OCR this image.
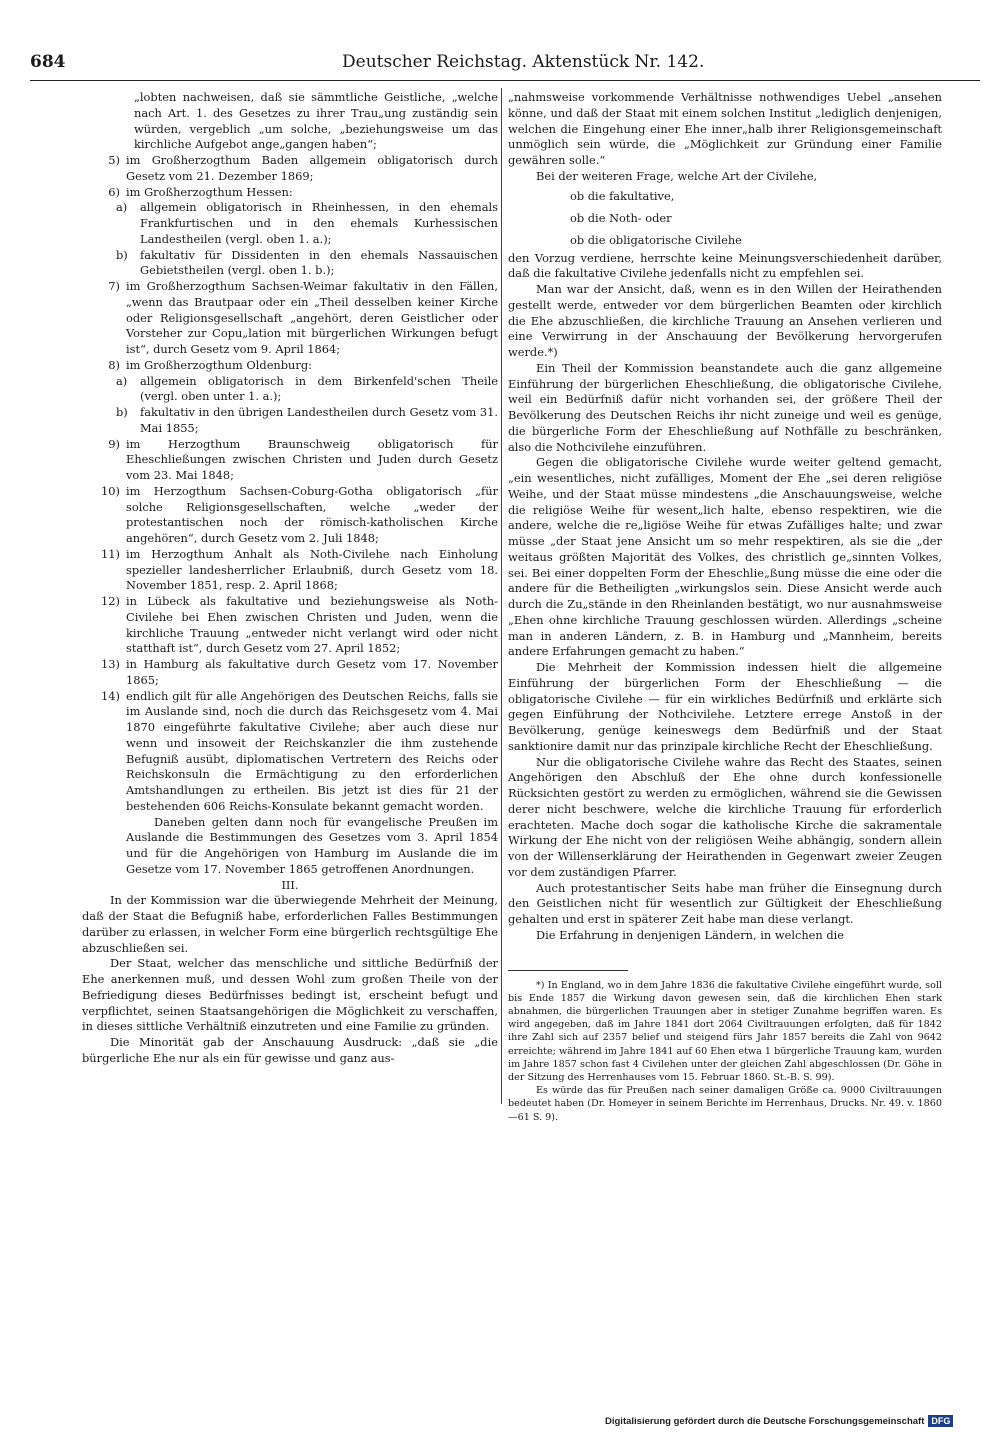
684	Deutscher Reichstag. Aktenstück Nr. 142.

„lobten nachweisen, daß sie sämmtliche Geistliche, „welche nach Art. 1. des Gesetzes zu ihrer Trau„ung zuständig sein würden, vergeblich „um solche, „beziehungsweise um das kirchliche Aufgebot ange„gangen haben“;

5) im Großherzogthum Baden allgemein obligatorisch durch Gesetz vom 21. Dezember 1869;
6) im Großherzogthum Hessen:
a) allgemein obligatorisch in Rheinhessen, in den ehemals Frankfurtischen und in den ehemals Kurhessischen Landestheilen (vergl. oben 1. a.);
b) fakultativ für Dissidenten in den ehemals Nassauischen Gebietstheilen (vergl. oben 1. b.);
7) im Großherzogthum Sachsen-Weimar fakultativ in den Fällen, „wenn das Brautpaar oder ein „Theil desselben keiner Kirche oder Religionsgesellschaft „angehört, deren Geistlicher oder Vorsteher zur Copu„lation mit bürgerlichen Wirkungen befugt ist“, durch Gesetz vom 9. April 1864;
8) im Großherzogthum Oldenburg:
a) allgemein obligatorisch in dem Birkenfeld'schen Theile (vergl. oben unter 1. a.);
b) fakultativ in den übrigen Landestheilen durch Gesetz vom 31. Mai 1855;
9) im Herzogthum Braunschweig obligatorisch für Eheschließungen zwischen Christen und Juden durch Gesetz vom 23. Mai 1848;
10) im Herzogthum Sachsen-Coburg-Gotha obligatorisch „für solche Religionsgesellschaften, welche „weder der protestantischen noch der römisch-katholischen Kirche angehören“, durch Gesetz vom 2. Juli 1848;
11) im Herzogthum Anhalt als Noth-Civilehe nach Einholung spezieller landesherrlicher Erlaubniß, durch Gesetz vom 18. November 1851, resp. 2. April 1868;
12) in Lübeck als fakultative und beziehungsweise als Noth-Civilehe bei Ehen zwischen Christen und Juden, wenn die kirchliche Trauung „entweder nicht verlangt wird oder nicht statthaft ist“, durch Gesetz vom 27. April 1852;
13) in Hamburg als fakultative durch Gesetz vom 17. November 1865;
14) endlich gilt für alle Angehörigen des Deutschen Reichs, falls sie im Auslande sind, noch die durch das Reichsgesetz vom 4. Mai 1870 eingeführte fakultative Civilehe; aber auch diese nur wenn und insoweit der Reichskanzler die ihm zustehende Befugniß ausübt, diplomatischen Vertretern des Reichs oder Reichskonsuln die Ermächtigung zu den erforderlichen Amtshandlungen zu ertheilen. Bis jetzt ist dies für 21 der bestehenden 606 Reichs-Konsulate bekannt gemacht worden.

Daneben gelten dann noch für evangelische Preußen im Auslande die Bestimmungen des Gesetzes vom 3. April 1854 und für die Angehörigen von Hamburg im Auslande die im Gesetze vom 17. November 1865 getroffenen Anordnungen.

III.

In der Kommission war die überwiegende Mehrheit der Meinung, daß der Staat die Befugniß habe, erforderlichen Falles Bestimmungen darüber zu erlassen, in welcher Form eine bürgerlich rechtsgültige Ehe abzuschließen sei.

Der Staat, welcher das menschliche und sittliche Bedürfniß der Ehe anerkennen muß, und dessen Wohl zum großen Theile von der Befriedigung dieses Bedürfnisses bedingt ist, erscheint befugt und verpflichtet, seinen Staatsangehörigen die Möglichkeit zu verschaffen, in dieses sittliche Verhältniß einzutreten und eine Familie zu gründen.

Die Minorität gab der Anschauung Ausdruck: „daß sie „die bürgerliche Ehe nur als ein für gewisse und ganz aus-

„nahmsweise vorkommende Verhältnisse nothwendiges Uebel „ansehen könne, und daß der Staat mit einem solchen Institut „lediglich denjenigen, welchen die Eingehung einer Ehe inner„halb ihrer Religionsgemeinschaft unmöglich sein würde, die „Möglichkeit zur Gründung einer Familie gewähren solle.“

Bei der weiteren Frage, welche Art der Civilehe,

ob die fakultative,
ob die Noth- oder
ob die obligatorische Civilehe

den Vorzug verdiene, herrschte keine Meinungsverschiedenheit darüber, daß die fakultative Civilehe jedenfalls nicht zu empfehlen sei.

Man war der Ansicht, daß, wenn es in den Willen der Heirathenden gestellt werde, entweder vor dem bürgerlichen Beamten oder kirchlich die Ehe abzuschließen, die kirchliche Trauung an Ansehen verlieren und eine Verwirrung in der Anschauung der Bevölkerung hervorgerufen werde.*)

Ein Theil der Kommission beanstandete auch die ganz allgemeine Einführung der bürgerlichen Eheschließung, die obligatorische Civilehe, weil ein Bedürfniß dafür nicht vorhanden sei, der größere Theil der Bevölkerung des Deutschen Reichs ihr nicht zuneige und weil es genüge, die bürgerliche Form der Eheschließung auf Nothfälle zu beschränken, also die Nothcivilehe einzuführen.

Gegen die obligatorische Civilehe wurde weiter geltend gemacht, „ein wesentliches, nicht zufälliges, Moment der Ehe „sei deren religiöse Weihe, und der Staat müsse mindestens „die Anschauungsweise, welche die religiöse Weihe für wesent„lich halte, ebenso respektiren, wie die andere, welche die re„ligiöse Weihe für etwas Zufälliges halte; und zwar müsse „der Staat jene Ansicht um so mehr respektiren, als sie die „der weitaus größten Majorität des Volkes, des christlich ge„sinnten Volkes, sei. Bei einer doppelten Form der Eheschlie„ßung müsse die eine oder die andere für die Betheiligten „wirkungslos sein. Diese Ansicht werde auch durch die Zu„stände in den Rheinlanden bestätigt, wo nur ausnahmsweise „Ehen ohne kirchliche Trauung geschlossen würden. Allerdings „scheine man in anderen Ländern, z. B. in Hamburg und „Mannheim, bereits andere Erfahrungen gemacht zu haben.“

Die Mehrheit der Kommission indessen hielt die allgemeine Einführung der bürgerlichen Form der Eheschließung — die obligatorische Civilehe — für ein wirkliches Bedürfniß und erklärte sich gegen Einführung der Nothcivilehe. Letztere errege Anstoß in der Bevölkerung, genüge keineswegs dem Bedürfniß und der Staat sanktionire damit nur das prinzipale kirchliche Recht der Eheschließung.

Nur die obligatorische Civilehe wahre das Recht des Staates, seinen Angehörigen den Abschluß der Ehe ohne durch konfessionelle Rücksichten gestört zu werden zu ermöglichen, während sie die Gewissen derer nicht beschwere, welche die kirchliche Trauung für erforderlich erachteten. Mache doch sogar die katholische Kirche die sakramentale Wirkung der Ehe nicht von der religiösen Weihe abhängig, sondern allein von der Willenserklärung der Heirathenden in Gegenwart zweier Zeugen vor dem zuständigen Pfarrer.

Auch protestantischer Seits habe man früher die Einsegnung durch den Geistlichen nicht für wesentlich zur Gültigkeit der Eheschließung gehalten und erst in späterer Zeit habe man diese verlangt.

Die Erfahrung in denjenigen Ländern, in welchen die

*) In England, wo in dem Jahre 1836 die fakultative Civilehe eingeführt wurde, soll bis Ende 1857 die Wirkung davon gewesen sein, daß die kirchlichen Ehen stark abnahmen, die bürgerlichen Trauungen aber in stetiger Zunahme begriffen waren. Es wird angegeben, daß im Jahre 1841 dort 2064 Civiltrauungen erfolgten, daß für 1842 ihre Zahl sich auf 2357 belief und steigend fürs Jahr 1857 bereits die Zahl von 9642 erreichte; während im Jahre 1841 auf 60 Ehen etwa 1 bürgerliche Trauung kam, wurden im Jahre 1857 schon fast 4 Civilehen unter der gleichen Zahl abgeschlossen (Dr. Göhe in der Sitzung des Herrenhauses vom 15. Februar 1860. St.-B. S. 99).

Es würde das für Preußen nach seiner damaligen Größe ca. 9000 Civiltrauungen bedeutet haben (Dr. Homeyer in seinem Berichte im Herrenhaus, Drucks. Nr. 49. v. 1860—61 S. 9).

Digitalisierung gefördert durch die Deutsche Forschungsgemeinschaft DFG
